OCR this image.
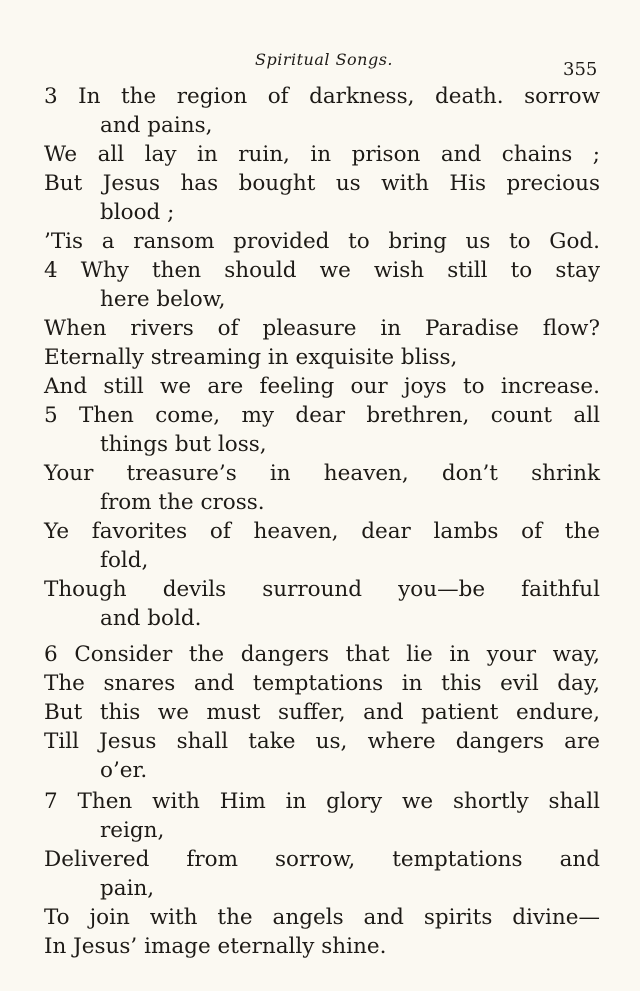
Spiritual Songs.	355
3 In the region of darkness, death. sorrow
and pains,
We all lay in ruin, in prison and chains ;
But Jesus has bought us with His precious
blood ;
’Tis a ransom provided to bring us to God.
4 Why then should we wish still to stay
here below,
When rivers of pleasure in Paradise flow?
Eternally streaming in exquisite bliss,
And still we are feeling our joys to increase.
5 Then come, my dear brethren, count all
things but loss,
Your treasure’s in heaven, don’t shrink
from the cross.
Ye favorites of heaven, dear lambs of the
fold,
Though devils surround you—be faithful
and bold.
6 Consider the dangers that lie in your way,
The snares and temptations in this evil day,
But this we must suffer, and patient endure,
Till Jesus shall take us, where dangers are
o’er.
7 Then with Him in glory we shortly shall
reign,
Delivered from sorrow, temptations and
pain,
To join with the angels and spirits divine—
In Jesus’ image eternally shine.
